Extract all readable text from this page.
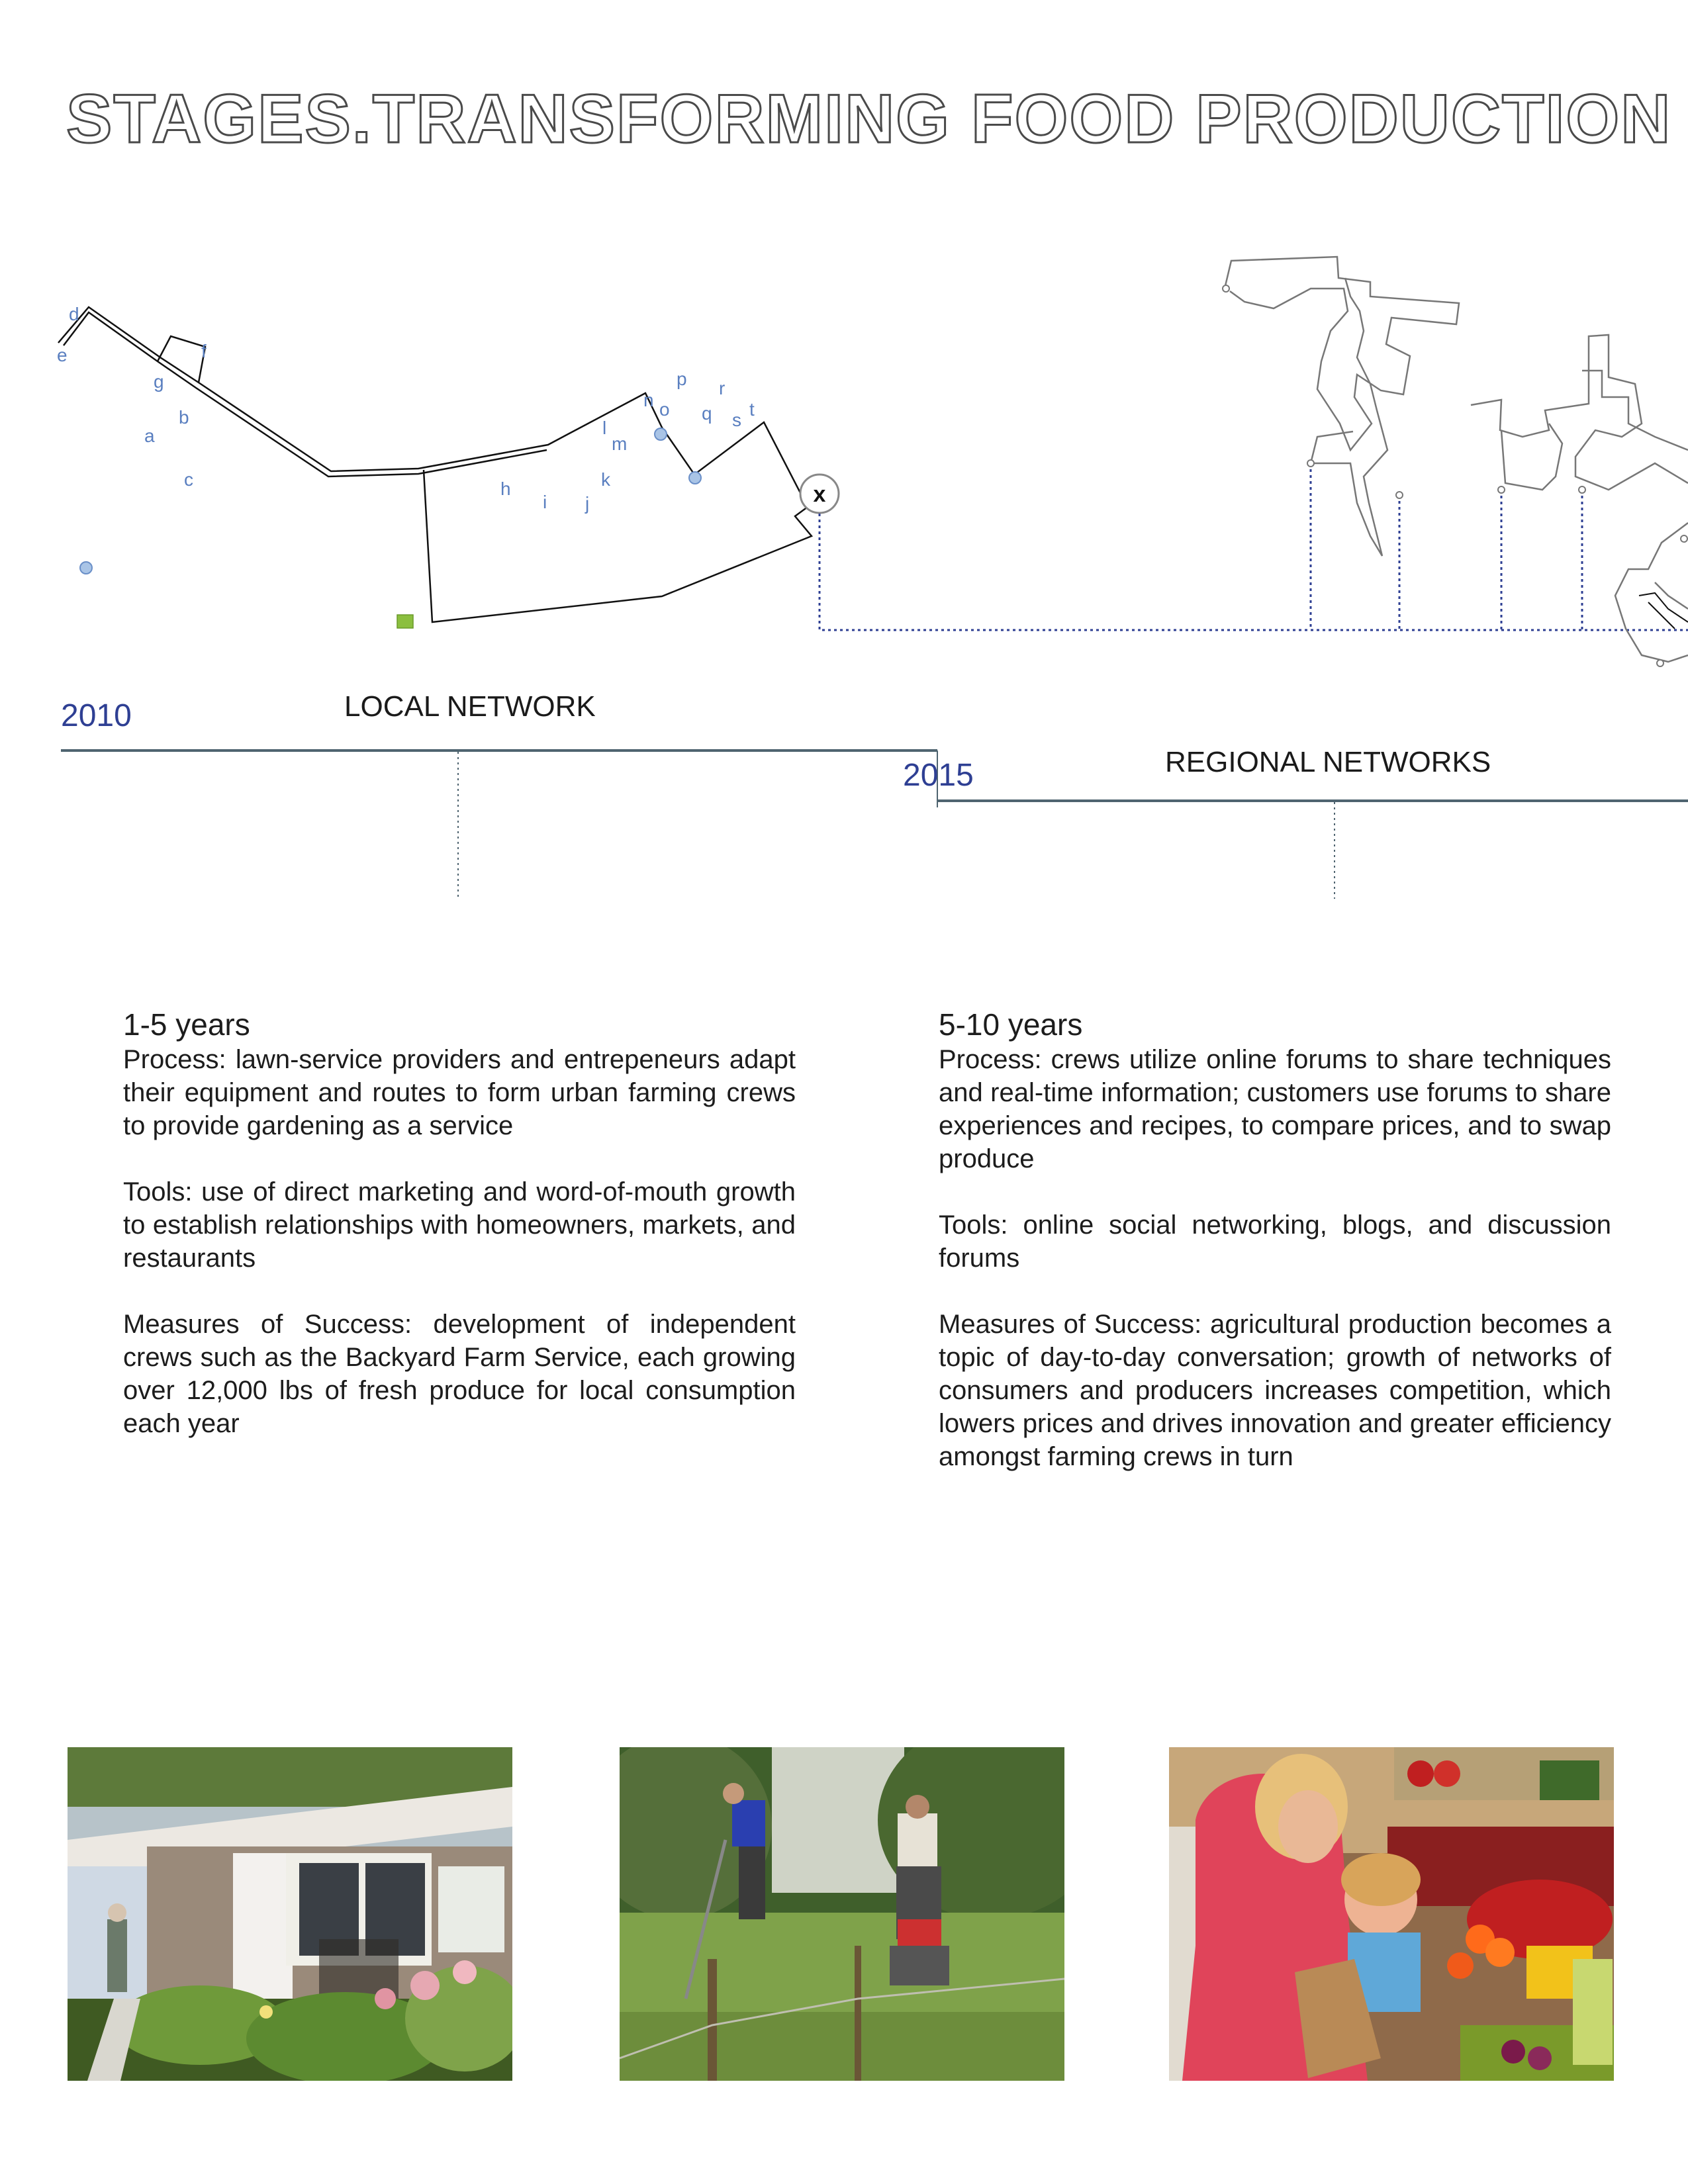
STAGES.TRANSFORMING FOOD PRODUCTION
a
b
c
d
e	f
g
h
i j
k
l
m
n o
p
q
r
s
t
x
2010	LOCAL NETWORK
2015	REGIONAL NETWORKS
1-5 years

Process: lawn-service providers and entrepeneurs adapt their equipment and routes to form urban farming crews to provide gardening as a service

Tools: use of direct marketing and word-of-mouth growth to establish relationships with homeowners, markets, and restaurants

Measures of Success: development of independent crews such as the Backyard Farm Service, each growing over 12,000 lbs of fresh produce for local consumption each year

5-10 years

Process: crews utilize online forums to share techniques and real-time information; customers use forums to share experiences and recipes, to compare prices, and to swap produce

Tools: online social networking, blogs, and discussion forums

Measures of Success: agricultural production becomes a topic of day-to-day conversation; growth of networks of consumers and producers increases competition, which lowers prices and drives innovation and greater efficiency amongst farming crews in turn
